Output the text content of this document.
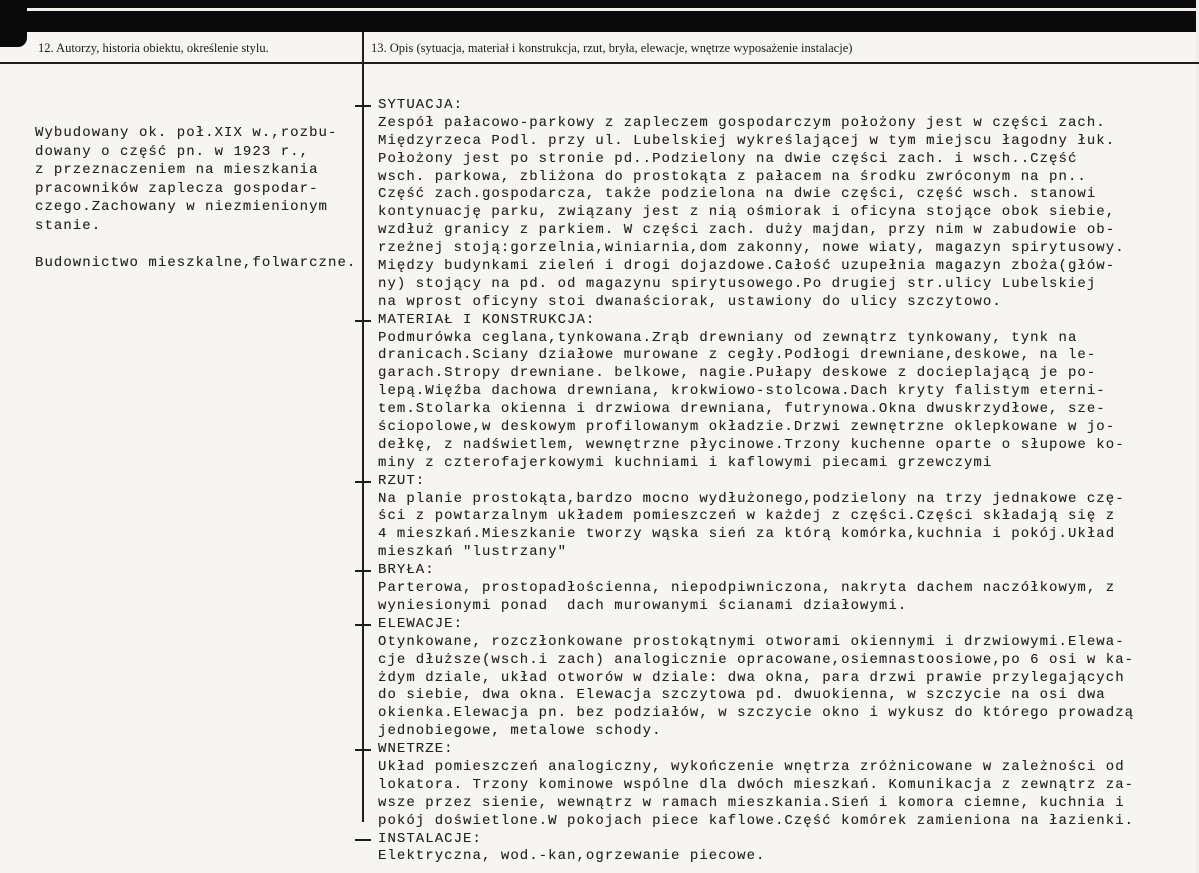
12. Autorzy, historia obiektu, określenie stylu.	13. Opis (sytuacja, materiał i konstrukcja, rzut, bryła, elewacje, wnętrze wyposażenie instalacje)
Wybudowany ok. poł.XIX w.,rozbu-
dowany o część pn. w 1923 r.,
z przeznaczeniem na mieszkania
pracowników zaplecza gospodar-
czego.Zachowany w niezmienionym
stanie.
Budownictwo mieszkalne,folwarczne.
SYTUACJA:
Zespół pałacowo-parkowy z zapleczem gospodarczym położony jest w części zach.
Międzyrzeca Podl. przy ul. Lubelskiej wykreślającej w tym miejscu łagodny łuk.
Położony jest po stronie pd..Podzielony na dwie części zach. i wsch..Część
wsch. parkowa, zbliżona do prostokąta z pałacem na środku zwróconym na pn..
Część zach.gospodarcza, także podzielona na dwie części, część wsch. stanowi
kontynuację parku, związany jest z nią ośmiorak i oficyna stojące obok siebie,
wzdłuż granicy z parkiem. W części zach. duży majdan, przy nim w zabudowie ob-
rzeżnej stoją:gorzelnia,winiarnia,dom zakonny, nowe wiaty, magazyn spirytusowy.
Między budynkami zieleń i drogi dojazdowe.Całość uzupełnia magazyn zboża(głów-
ny) stojący na pd. od magazynu spirytusowego.Po drugiej str.ulicy Lubelskiej
na wprost oficyny stoi dwanaściorak, ustawiony do ulicy szczytowo.
MATERIAŁ I KONSTRUKCJA:
Podmurówka ceglana,tynkowana.Zrąb drewniany od zewnątrz tynkowany, tynk na
dranicach.Sciany działowe murowane z cegły.Podłogi drewniane,deskowe, na le-
garach.Stropy drewniane. belkowe, nagie.Pułapy deskowe z docieplającą je po-
lepą.Więźba dachowa drewniana, krokwiowo-stolcowa.Dach kryty falistym eterni-
tem.Stolarka okienna i drzwiowa drewniana, futrynowa.Okna dwuskrzydłowe, sze-
ściopolowe,w deskowym profilowanym okładzie.Drzwi zewnętrzne oklepkowane w jo-
dełkę, z nadświetlem, wewnętrzne płycinowe.Trzony kuchenne oparte o słupowe ko-
miny z czterofajerkowymi kuchniami i kaflowymi piecami grzewczymi
RZUT:
Na planie prostokąta,bardzo mocno wydłużonego,podzielony na trzy jednakowe czę-
ści z powtarzalnym układem pomieszczeń w każdej z części.Części składają się z
4 mieszkań.Mieszkanie tworzy wąska sień za którą komórka,kuchnia i pokój.Układ
mieszkań "lustrzany"
BRYŁA:
Parterowa, prostopadłościenna, niepodpiwniczona, nakryta dachem naczółkowym, z
wyniesionymi ponad  dach murowanymi ścianami działowymi.
ELEWACJE:
Otynkowane, rozczłonkowane prostokątnymi otworami okiennymi i drzwiowymi.Elewa-
cje dłuższe(wsch.i zach) analogicznie opracowane,osiemnastoosiowe,po 6 osi w ka-
żdym dziale, układ otworów w dziale: dwa okna, para drzwi prawie przylegających
do siebie, dwa okna. Elewacja szczytowa pd. dwuokienna, w szczycie na osi dwa
okienka.Elewacja pn. bez podziałów, w szczycie okno i wykusz do którego prowadzą
jednobiegowe, metalowe schody.
WNETRZE:
Układ pomieszczeń analogiczny, wykończenie wnętrza zróżnicowane w zależności od
lokatora. Trzony kominowe wspólne dla dwóch mieszkań. Komunikacja z zewnątrz za-
wsze przez sienie, wewnątrz w ramach mieszkania.Sień i komora ciemne, kuchnia i
pokój doświetlone.W pokojach piece kaflowe.Część komórek zamieniona na łazienki.
INSTALACJE:
Elektryczna, wod.-kan,ogrzewanie piecowe.
